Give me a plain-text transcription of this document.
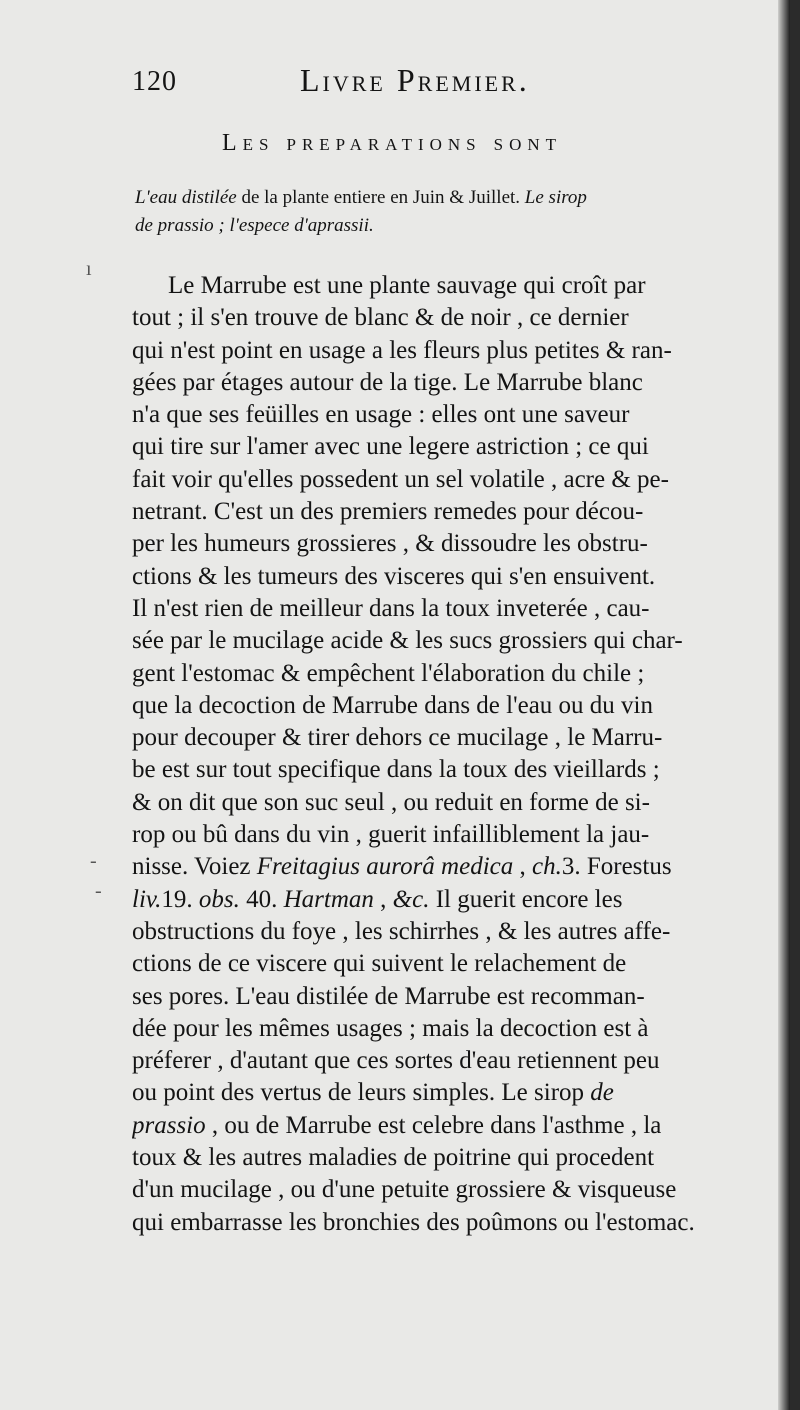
120	Livre Premier.
Les preparations sont
L'eau distilée de la plante entiere en Juin & Juillet. Le sirop
de prassio ; l'espece d'aprassii.
Le Marrube est une plante sauvage qui croît par
tout ; il s'en trouve de blanc & de noir , ce dernier
qui n'est point en usage a les fleurs plus petites & ran-
gées par étages autour de la tige. Le Marrube blanc
n'a que ses feüilles en usage : elles ont une saveur
qui tire sur l'amer avec une legere astriction ; ce qui
fait voir qu'elles possedent un sel volatile , acre & pe-
netrant. C'est un des premiers remedes pour décou-
per les humeurs grossieres , & dissoudre les obstru-
ctions & les tumeurs des visceres qui s'en ensuivent.
Il n'est rien de meilleur dans la toux inveterée , cau-
sée par le mucilage acide & les sucs grossiers qui char-
gent l'estomac & empêchent l'élaboration du chile ;
que la decoction de Marrube dans de l'eau ou du vin
pour decouper & tirer dehors ce mucilage , le Marru-
be est sur tout specifique dans la toux des vieillards ;
& on dit que son suc seul , ou reduit en forme de si-
rop ou bû dans du vin , guerit infailliblement la jau-
nisse. Voiez Freitagius aurorâ medica , ch.3. Forestus
liv.19. obs. 40. Hartman , &c. Il guerit encore les
obstructions du foye , les schirrhes , & les autres affe-
ctions de ce viscere qui suivent le relachement de
ses pores. L'eau distilée de Marrube est recomman-
dée pour les mêmes usages ; mais la decoction est à
préferer , d'autant que ces sortes d'eau retiennent peu
ou point des vertus de leurs simples. Le sirop de
prassio , ou de Marrube est celebre dans l'asthme , la
toux & les autres maladies de poitrine qui procedent
d'un mucilage , ou d'une petuite grossiere & visqueuse
qui embarrasse les bronchies des poûmons ou l'estomac.
ı
-
-
